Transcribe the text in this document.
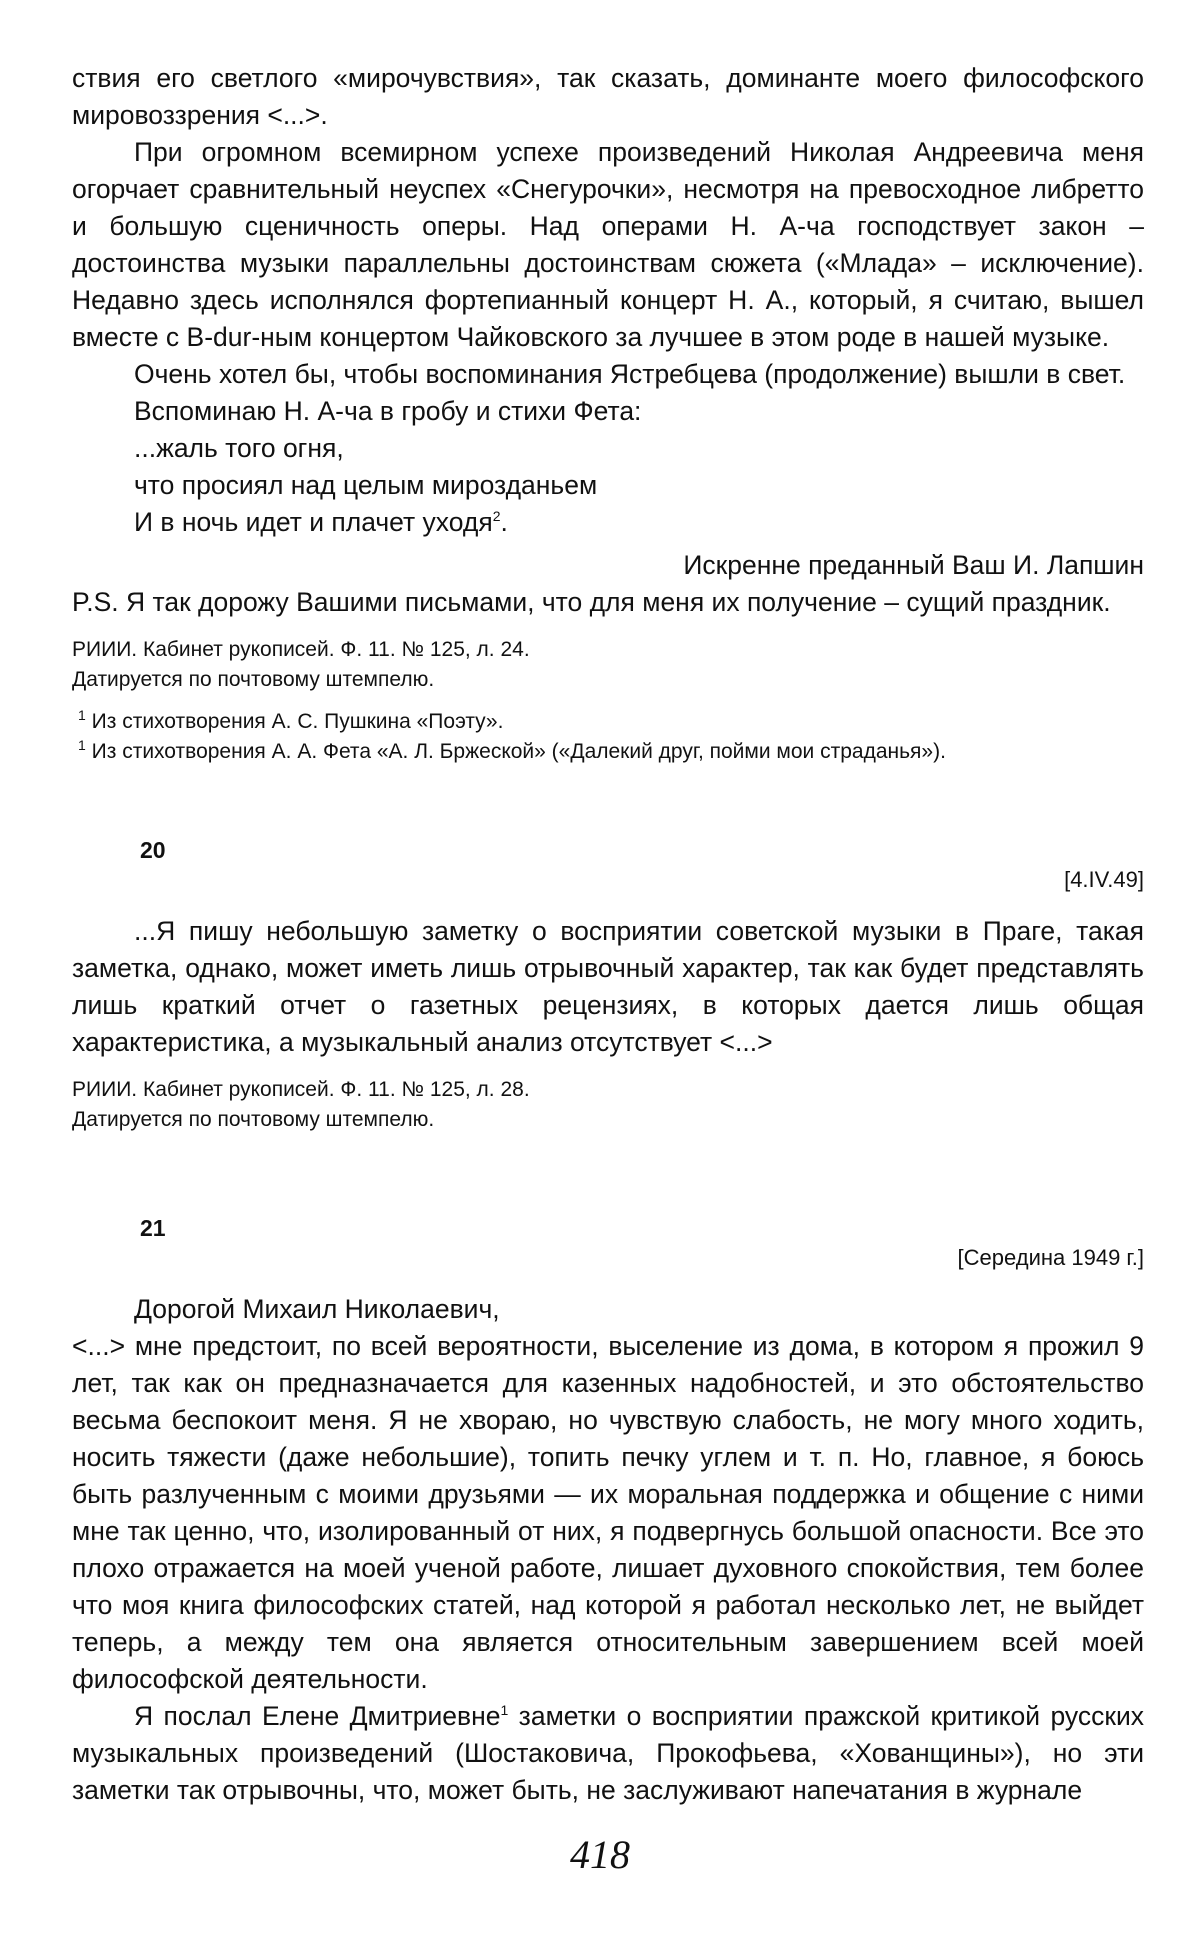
ствия его светлого «мирочувствия», так сказать, доминанте моего философского мировоззрения <...>.

При огромном всемирном успехе произведений Николая Андреевича меня огорчает сравнительный неуспех «Снегурочки», несмотря на превосходное либретто и большую сценичность оперы. Над операми Н. А-ча господствует закон – достоинства музыки параллельны достоинствам сюжета («Млада» – исключение). Недавно здесь исполнялся фортепианный концерт Н. А., который, я считаю, вышел вместе с B-dur-ным концертом Чайковского за лучшее в этом роде в нашей музыке.

Очень хотел бы, чтобы воспоминания Ястребцева (продолжение) вышли в свет.

Вспоминаю Н. А-ча в гробу и стихи Фета:

...жаль того огня,

что просиял над целым мирозданьем

И в ночь идет и плачет уходя$^2$.

Искренне преданный Ваш И. Лапшин

P.S. Я так дорожу Вашими письмами, что для меня их получение – сущий праздник.

РИИИ. Кабинет рукописей. Ф. 11. № 125, л. 24.

Датируется по почтовому штемпелю.

$^1$ Из стихотворения А. С. Пушкина «Поэту».

$^1$ Из стихотворения А. А. Фета «А. Л. Бржеской» («Далекий друг, пойми мои страданья»).

20

[4.IV.49]

...Я пишу небольшую заметку о восприятии советской музыки в Праге, такая заметка, однако, может иметь лишь отрывочный характер, так как будет представлять лишь краткий отчет о газетных рецензиях, в которых дается лишь общая характеристика, а музыкальный анализ отсутствует <...>

РИИИ. Кабинет рукописей. Ф. 11. № 125, л. 28.

Датируется по почтовому штемпелю.

21

[Середина 1949 г.]

Дорогой Михаил Николаевич,

<...> мне предстоит, по всей вероятности, выселение из дома, в котором я прожил 9 лет, так как он предназначается для казенных надобностей, и это обстоятельство весьма беспокоит меня. Я не хвораю, но чувствую слабость, не могу много ходить, носить тяжести (даже небольшие), топить печку углем и т. п. Но, главное, я боюсь быть разлученным с моими друзьями — их моральная поддержка и общение с ними мне так ценно, что, изолированный от них, я подвергнусь большой опасности. Все это плохо отражается на моей ученой работе, лишает духовного спокойствия, тем более что моя книга философских статей, над которой я работал несколько лет, не выйдет теперь, а между тем она является относительным завершением всей моей философской деятельности.

Я послал Елене Дмитриевне$^1$ заметки о восприятии пражской критикой русских музыкальных произведений (Шостаковича, Прокофьева, «Хованщины»), но эти заметки так отрывочны, что, может быть, не заслуживают напечатания в журнале

418
